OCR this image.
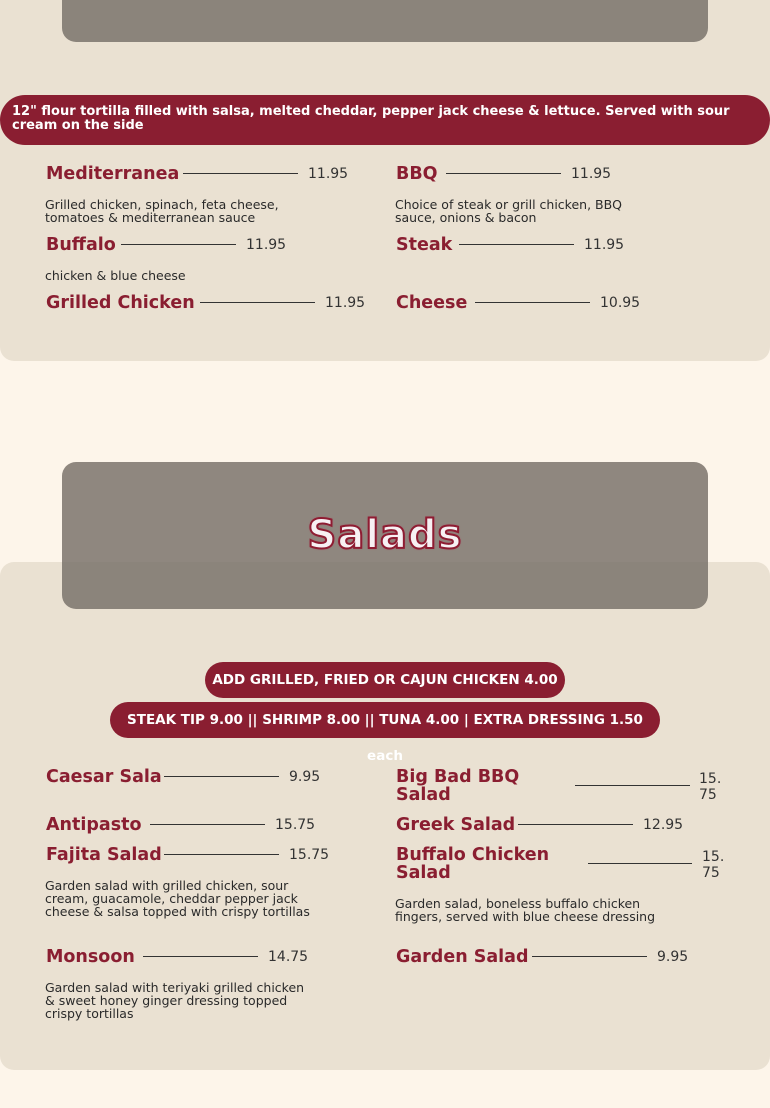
12" flour tortilla filled with salsa, melted cheddar, pepper jack cheese & lettuce. Served with sour cream on the side
Mediterranea	11.95
Grilled chicken, spinach, feta cheese, tomatoes & mediterranean sauce
Buffalo	11.95
chicken & blue cheese
Grilled Chicken	11.95
BBQ	11.95
Choice of steak or grill chicken, BBQ sauce, onions & bacon
Steak	11.95
Cheese	10.95
Salads
ADD GRILLED, FRIED OR CAJUN CHICKEN 4.00
STEAK TIP 9.00 || SHRIMP 8.00 || TUNA 4.00 | EXTRA DRESSING 1.50 each
Caesar Sala	9.95
Antipasto	15.75
Fajita Salad	15.75
Garden salad with grilled chicken, sour cream, guacamole, cheddar pepper jack cheese & salsa topped with crispy tortillas
Monsoon	14.75
Garden salad with teriyaki grilled chicken & sweet honey ginger dressing topped crispy tortillas
Big Bad BBQ Salad
15.75
Greek Salad	12.95
Buffalo Chicken Salad
15.75
Garden salad, boneless buffalo chicken fingers, served with blue cheese dressing
Garden Salad	9.95
